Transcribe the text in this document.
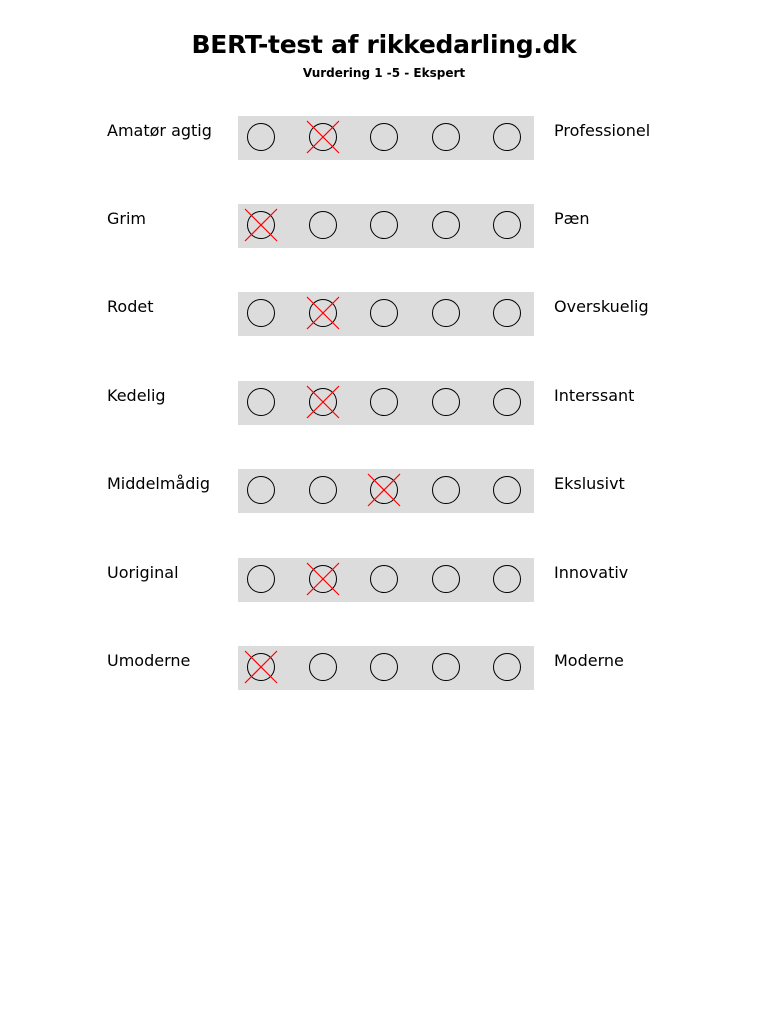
BERT-test af rikkedarling.dk
Vurdering 1 -5 - Ekspert
Amatør agtig	Professionel
Grim	Pæn
Rodet	Overskuelig
Kedelig	Interssant
Middelmådig	Ekslusivt
Uoriginal	Innovativ
Umoderne	Moderne
